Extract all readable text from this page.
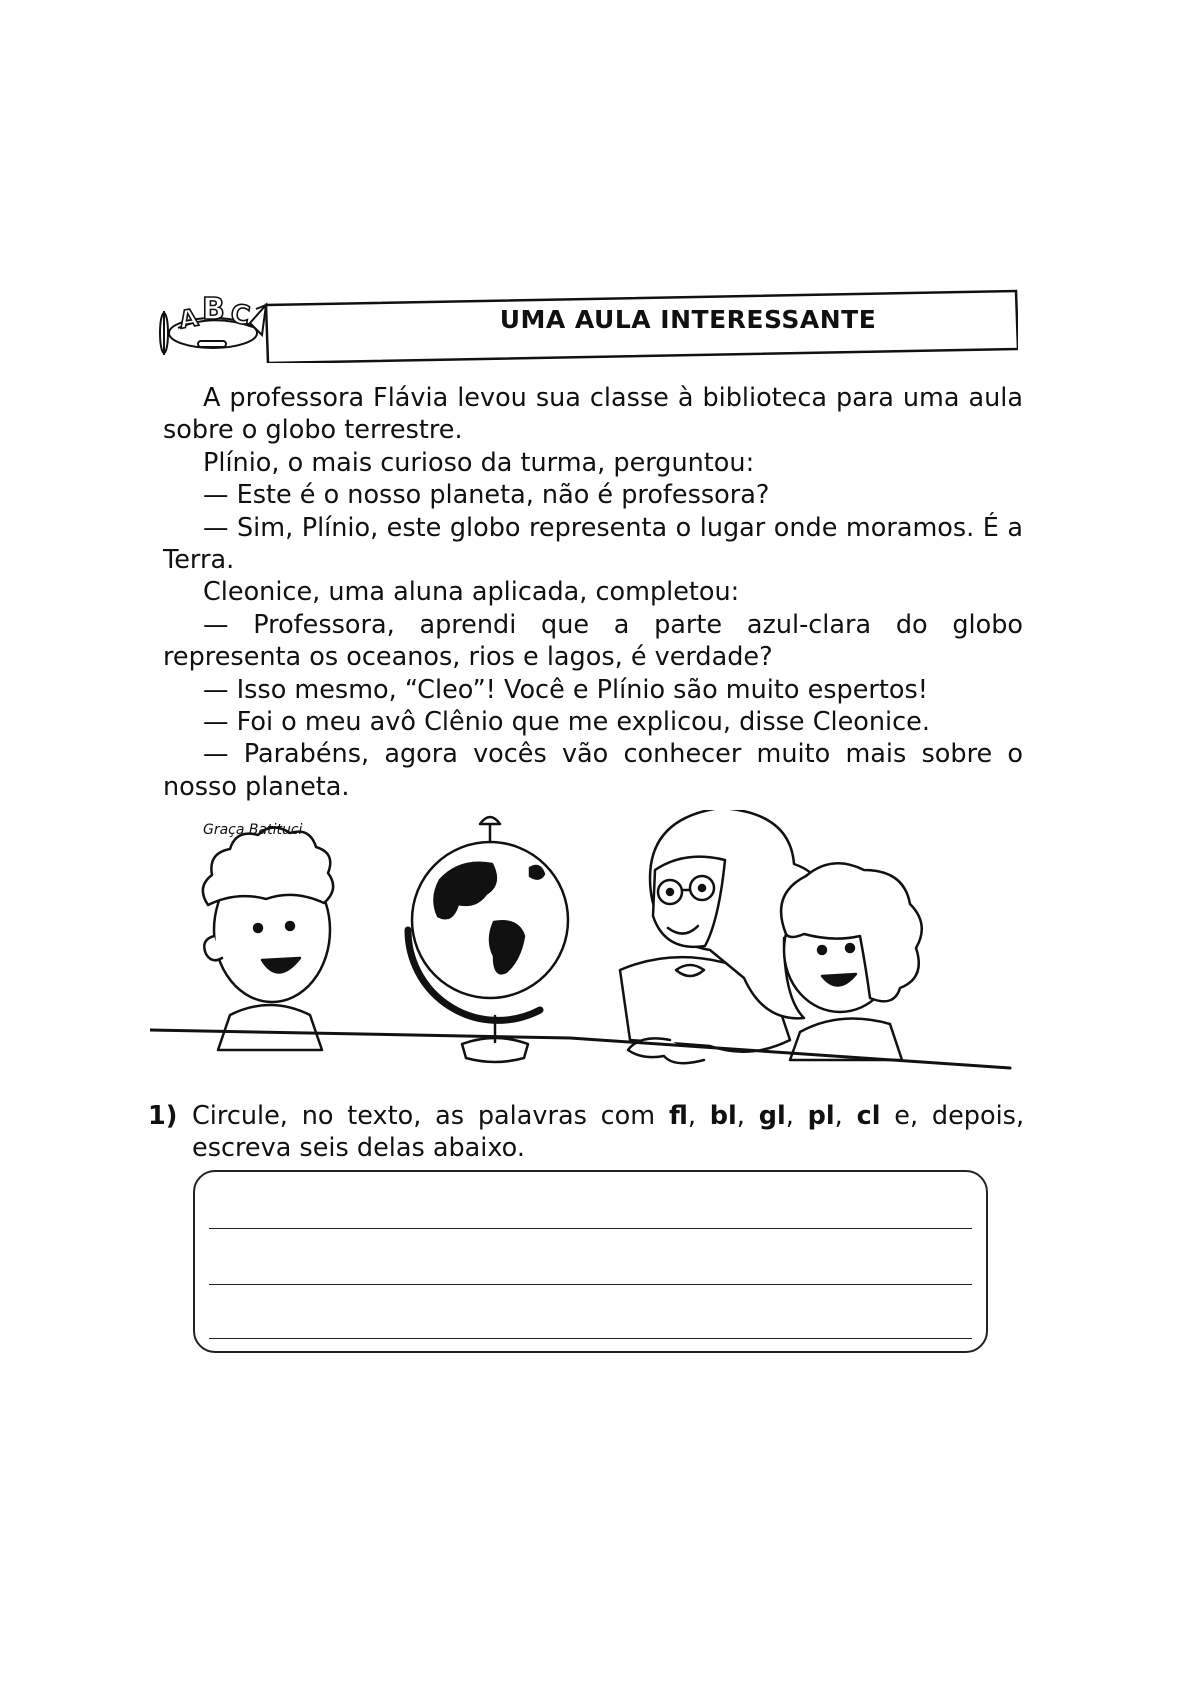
A B C	UMA AULA INTERESSANTE

A professora Flávia levou sua classe à biblioteca para uma aula sobre o globo terrestre.

Plínio, o mais curioso da turma, perguntou:

— Este é o nosso planeta, não é professora?

— Sim, Plínio, este globo representa o lugar onde moramos. É a Terra.

Cleonice, uma aluna aplicada, completou:

— Professora, aprendi que a parte azul-clara do globo representa os oceanos, rios e lagos, é verdade?

— Isso mesmo, “Cleo”! Você e Plínio são muito espertos!

— Foi o meu avô Clênio que me explicou, disse Cleonice.

— Parabéns, agora vocês vão conhecer muito mais sobre o nosso planeta.

Graça Batituci
1) Circule, no texto, as palavras com fl, bl, gl, pl, cl e, depois, escreva seis delas abaixo.
